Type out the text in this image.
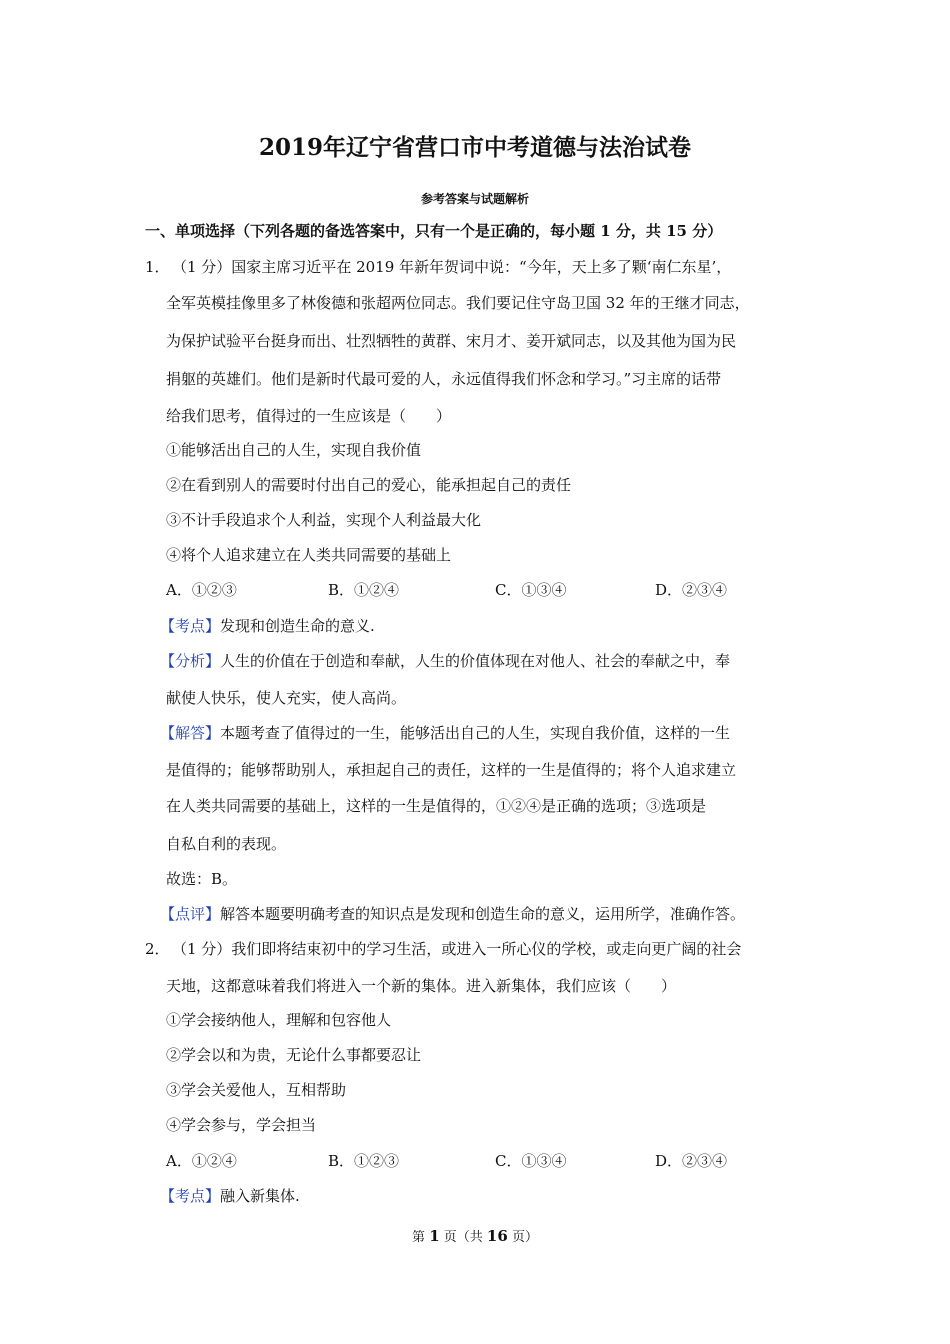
2019年辽宁省营口市中考道德与法治试卷
参考答案与试题解析
一、单项选择（下列各题的备选答案中，只有一个是正确的，每小题 1 分，共 15 分）
1． （1 分）国家主席习近平在 2019 年新年贺词中说：“今年，天上多了颗‘南仁东星’，
全军英模挂像里多了林俊德和张超两位同志。我们要记住守岛卫国 32 年的王继才同志，
为保护试验平台挺身而出、壮烈牺牲的黄群、宋月才、姜开斌同志，以及其他为国为民
捐躯的英雄们。他们是新时代最可爱的人，永远值得我们怀念和学习。”习主席的话带
给我们思考，值得过的一生应该是（　　）
①能够活出自己的人生，实现自我价值
②在看到别人的需要时付出自己的爱心，能承担起自己的责任
③不计手段追求个人利益，实现个人利益最大化
④将个人追求建立在人类共同需要的基础上
A．①②③	B．①②④	C．①③④	D．②③④
【考点】发现和创造生命的意义.
【分析】人生的价值在于创造和奉献，人生的价值体现在对他人、社会的奉献之中，奉
献使人快乐，使人充实，使人高尚。
【解答】本题考查了值得过的一生，能够活出自己的人生，实现自我价值，这样的一生
是值得的；能够帮助别人，承担起自己的责任，这样的一生是值得的；将个人追求建立
在人类共同需要的基础上，这样的一生是值得的，①②④是正确的选项；③选项是
自私自利的表现。
故选：B。
【点评】解答本题要明确考查的知识点是发现和创造生命的意义，运用所学，准确作答。
2． （1 分）我们即将结束初中的学习生活，或进入一所心仪的学校，或走向更广阔的社会
天地，这都意味着我们将进入一个新的集体。进入新集体，我们应该（　　）
①学会接纳他人，理解和包容他人
②学会以和为贵，无论什么事都要忍让
③学会关爱他人，互相帮助
④学会参与，学会担当
A．①②④	B．①②③	C．①③④	D．②③④
【考点】融入新集体.
第 1 页（共 16 页）
